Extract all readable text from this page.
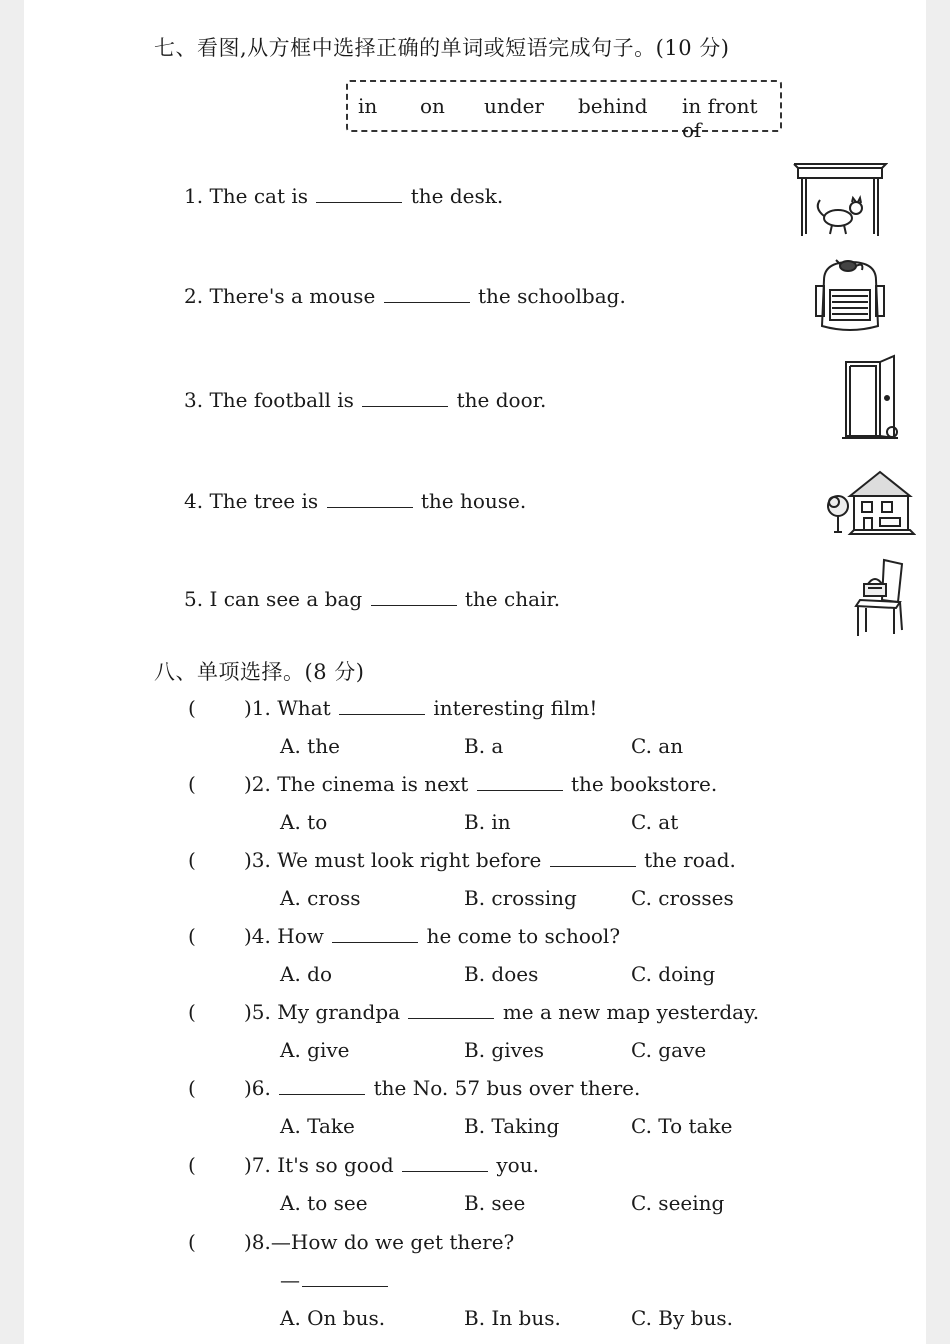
七、看图,从方框中选择正确的单词或短语完成句子。(10 分)
in on under behind in front of
1. The cat is	the desk.
2. There's a mouse	the schoolbag.
3. The football is	the door.
4. The tree is	the house.
5. I can see a bag	the chair.
八、单项选择。(8 分)
( )1. What	interesting film!
A. the	B. a	C. an
( )2. The cinema is next	the bookstore.
A. to	B. in	C. at
( )3. We must look right before	the road.
A. cross	B. crossing	C. crosses
( )4. How	he come to school?
A. do	B. does	C. doing
( )5. My grandpa	me a new map yesterday.
A. give	B. gives	C. gave
( )6.	the No. 57 bus over there.
A. Take	B. Taking	C. To take
( )7. It's so good	you.
A. to see	B. see	C. seeing
( )8.—How do we get there?
—
A. On bus.	B. In bus.	C. By bus.
